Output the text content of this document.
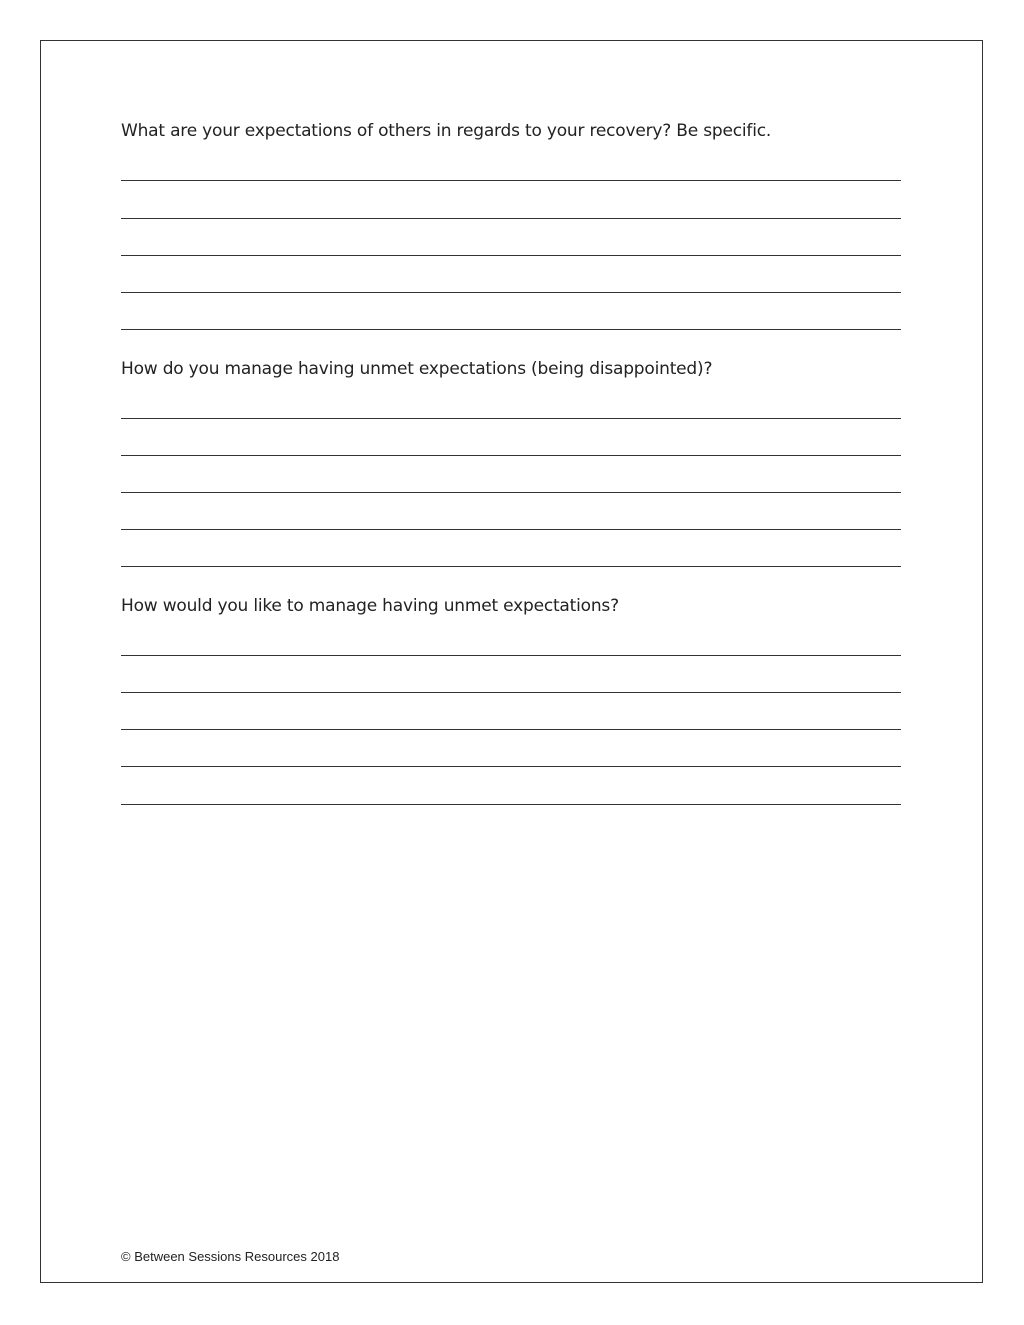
What are your expectations of others in regards to your recovery? Be specific.
How do you manage having unmet expectations (being disappointed)?
How would you like to manage having unmet expectations?
© Between Sessions Resources 2018
